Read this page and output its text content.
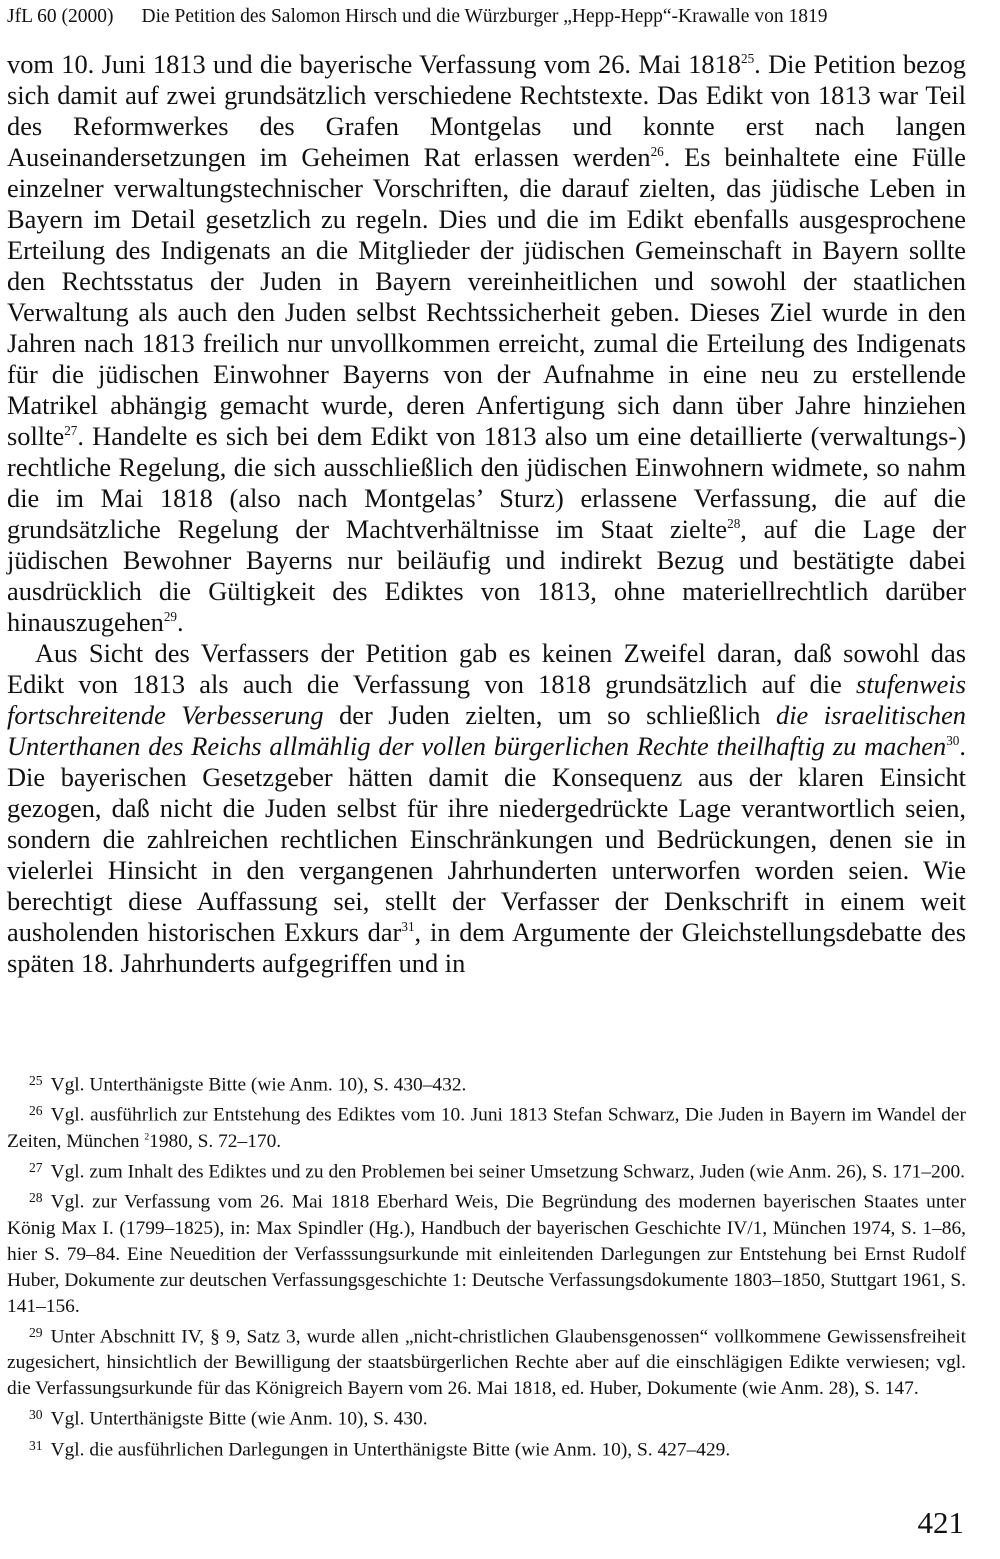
JfL 60 (2000) Die Petition des Salomon Hirsch und die Würzburger „Hepp-Hepp“-Krawalle von 1819

vom 10. Juni 1813 und die bayerische Verfassung vom 26. Mai 1818$^{25}$. Die Petition bezog sich damit auf zwei grundsätzlich verschiedene Rechtstexte. Das Edikt von 1813 war Teil des Reformwerkes des Grafen Montgelas und konnte erst nach langen Auseinandersetzungen im Geheimen Rat erlassen werden$^{26}$. Es beinhaltete eine Fülle einzelner verwaltungstechnischer Vorschriften, die darauf zielten, das jüdische Leben in Bayern im Detail gesetzlich zu regeln. Dies und die im Edikt ebenfalls ausgesprochene Erteilung des Indigenats an die Mitglieder der jüdischen Gemeinschaft in Bayern sollte den Rechtsstatus der Juden in Bayern vereinheitlichen und sowohl der staatlichen Verwaltung als auch den Juden selbst Rechtssicherheit geben. Dieses Ziel wurde in den Jahren nach 1813 freilich nur unvollkommen erreicht, zumal die Erteilung des Indigenats für die jüdischen Einwohner Bayerns von der Aufnahme in eine neu zu erstellende Matrikel abhängig gemacht wurde, deren Anfertigung sich dann über Jahre hinziehen sollte$^{27}$. Handelte es sich bei dem Edikt von 1813 also um eine detaillierte (verwaltungs-) rechtliche Regelung, die sich ausschließlich den jüdischen Einwohnern widmete, so nahm die im Mai 1818 (also nach Montgelas’ Sturz) erlassene Verfassung, die auf die grundsätzliche Regelung der Machtverhältnisse im Staat zielte$^{28}$, auf die Lage der jüdischen Bewohner Bayerns nur beiläufig und indirekt Bezug und bestätigte dabei ausdrücklich die Gültigkeit des Ediktes von 1813, ohne materiellrechtlich darüber hinauszugehen$^{29}$.

Aus Sicht des Verfassers der Petition gab es keinen Zweifel daran, daß sowohl das Edikt von 1813 als auch die Verfassung von 1818 grundsätzlich auf die stufenweis fortschreitende Verbesserung der Juden zielten, um so schließlich die israelitischen Unterthanen des Reichs allmählig der vollen bürgerlichen Rechte theilhaftig zu machen$^{30}$. Die bayerischen Gesetzgeber hätten damit die Konsequenz aus der klaren Einsicht gezogen, daß nicht die Juden selbst für ihre niedergedrückte Lage verantwortlich seien, sondern die zahlreichen rechtlichen Einschränkungen und Bedrückungen, denen sie in vielerlei Hinsicht in den vergangenen Jahrhunderten unterworfen worden seien. Wie berechtigt diese Auffassung sei, stellt der Verfasser der Denkschrift in einem weit ausholenden historischen Exkurs dar$^{31}$, in dem Argumente der Gleichstellungsdebatte des späten 18. Jahrhunderts aufgegriffen und in

$^{25}$ Vgl. Unterthänigste Bitte (wie Anm. 10), S. 430–432.

$^{26}$ Vgl. ausführlich zur Entstehung des Ediktes vom 10. Juni 1813 Stefan Schwarz, Die Juden in Bayern im Wandel der Zeiten, München $^2$1980, S. 72–170.

$^{27}$ Vgl. zum Inhalt des Ediktes und zu den Problemen bei seiner Umsetzung Schwarz, Juden (wie Anm. 26), S. 171–200.

$^{28}$ Vgl. zur Verfassung vom 26. Mai 1818 Eberhard Weis, Die Begründung des modernen bayerischen Staates unter König Max I. (1799–1825), in: Max Spindler (Hg.), Handbuch der bayerischen Geschichte IV/1, München 1974, S. 1–86, hier S. 79–84. Eine Neuedition der Verfasssungsurkunde mit einleitenden Darlegungen zur Entstehung bei Ernst Rudolf Huber, Dokumente zur deutschen Verfassungsgeschichte 1: Deutsche Verfassungsdokumente 1803–1850, Stuttgart 1961, S. 141–156.

$^{29}$ Unter Abschnitt IV, § 9, Satz 3, wurde allen „nicht-christlichen Glaubensgenossen“ vollkommene Gewissensfreiheit zugesichert, hinsichtlich der Bewilligung der staatsbürgerlichen Rechte aber auf die einschlägigen Edikte verwiesen; vgl. die Verfassungsurkunde für das Königreich Bayern vom 26. Mai 1818, ed. Huber, Dokumente (wie Anm. 28), S. 147.

$^{30}$ Vgl. Unterthänigste Bitte (wie Anm. 10), S. 430.

$^{31}$ Vgl. die ausführlichen Darlegungen in Unterthänigste Bitte (wie Anm. 10), S. 427–429.

421
